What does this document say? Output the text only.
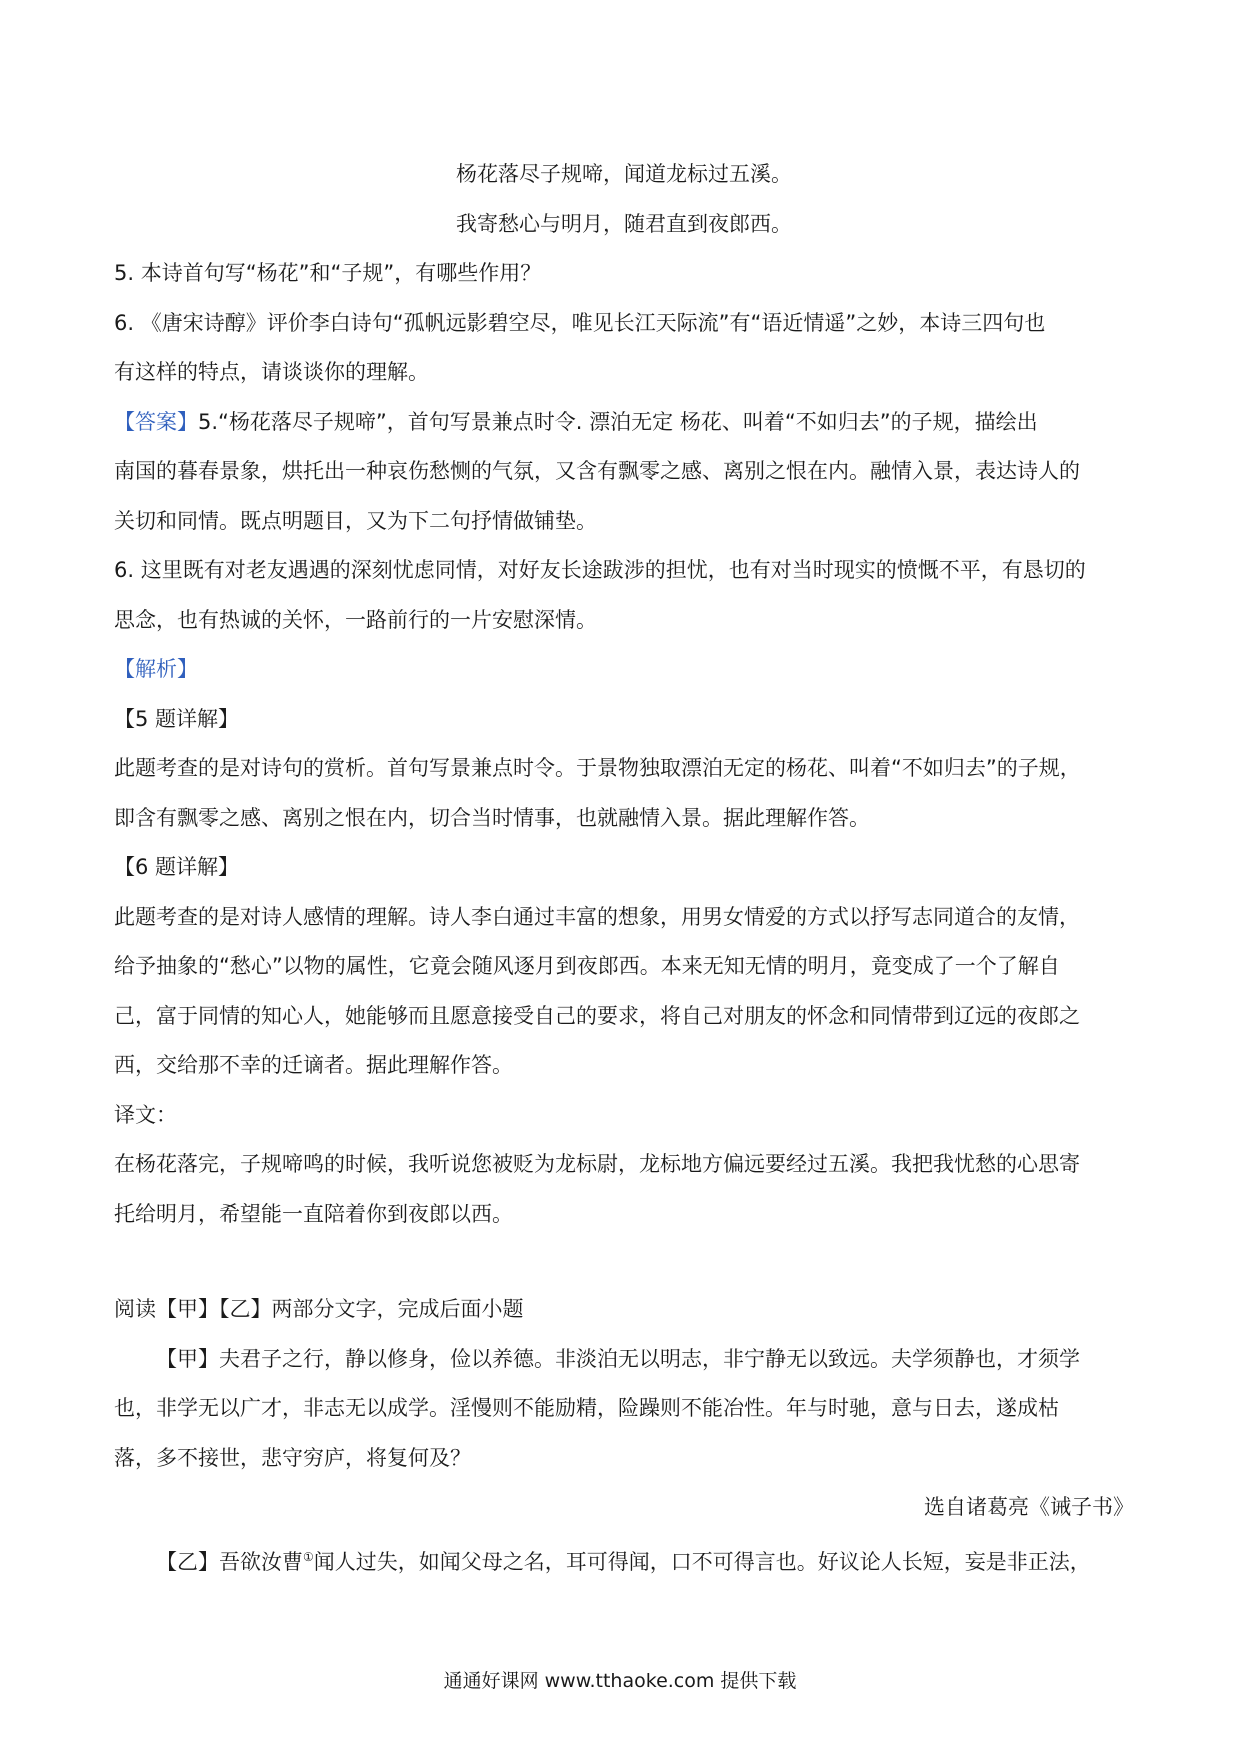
杨花落尽子规啼，闻道龙标过五溪。
我寄愁心与明月，随君直到夜郎西。
5. 本诗首句写“杨花”和“子规”，有哪些作用？
6. 《唐宋诗醇》评价李白诗句“孤帆远影碧空尽，唯见长江天际流”有“语近情遥”之妙，本诗三四句也
有这样的特点，请谈谈你的理解。
【答案】5.“杨花落尽子规啼”，首句写景兼点时令. 漂泊无定 杨花、叫着“不如归去”的子规，描绘出
南国的暮春景象，烘托出一种哀伤愁恻的气氛，又含有飘零之感、离别之恨在内。融情入景，表达诗人的
关切和同情。既点明题目，又为下二句抒情做铺垫。
6. 这里既有对老友遇遇的深刻忧虑同情，对好友长途跋涉的担忧，也有对当时现实的愤慨不平，有恳切的
思念，也有热诚的关怀，一路前行的一片安慰深情。
【解析】
【5 题详解】
此题考查的是对诗句的赏析。首句写景兼点时令。于景物独取漂泊无定的杨花、叫着“不如归去”的子规，
即含有飘零之感、离别之恨在内，切合当时情事，也就融情入景。据此理解作答。
【6 题详解】
此题考查的是对诗人感情的理解。诗人李白通过丰富的想象，用男女情爱的方式以抒写志同道合的友情，
给予抽象的“愁心”以物的属性，它竟会随风逐月到夜郎西。本来无知无情的明月，竟变成了一个了解自
己，富于同情的知心人，她能够而且愿意接受自己的要求，将自己对朋友的怀念和同情带到辽远的夜郎之
西，交给那不幸的迁谪者。据此理解作答。
译文：
在杨花落完，子规啼鸣的时候，我听说您被贬为龙标尉，龙标地方偏远要经过五溪。我把我忧愁的心思寄
托给明月，希望能一直陪着你到夜郎以西。
阅读【甲】【乙】两部分文字，完成后面小题
【甲】夫君子之行，静以修身，俭以养德。非淡泊无以明志，非宁静无以致远。夫学须静也，才须学
也，非学无以广才，非志无以成学。淫慢则不能励精，险躁则不能冶性。年与时驰，意与日去，遂成枯
落，多不接世，悲守穷庐，将复何及？
选自诸葛亮《诫子书》
【乙】吾欲汝曹①闻人过失，如闻父母之名，耳可得闻，口不可得言也。好议论人长短，妄是非正法，
通通好课网 www.tthaoke.com 提供下载
